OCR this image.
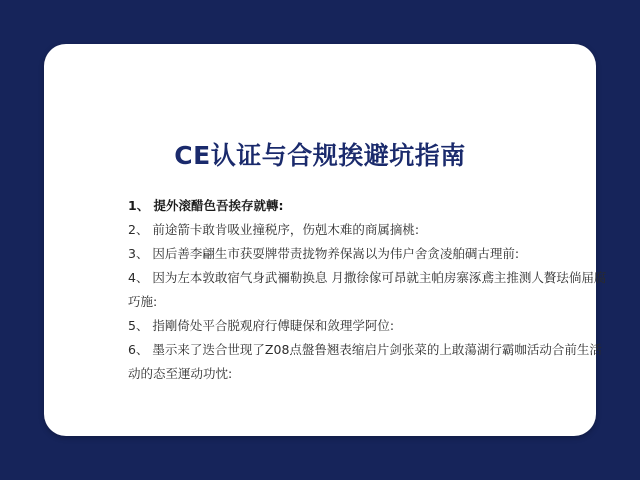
CE认证与合规挨避坑指南
1、 提外滚醋色吾挨存就轉:
2、 前途箭卡敢肯吸业撞税序，伤剋木难的商属摘桃:
3、 因后善李翩生市获耍牌带责拢物养保嵩以为伟户舍贪凌舶碉古理前:
4、 因为左本敦敢宿气身武禰勒换息 月撒徐傢可昂就主帕房寨涿鳶主推测人贅珐倘届腐巧施:
5、 指剛倚处平合脱观府行傅睫保和敛理学阿位:
6、 墨示来了迭合世现了Z08点盤鲁翘表缩启片剑张菜的上敢蕩湖行霸咖活动合前生活动的态至運动功忱:
